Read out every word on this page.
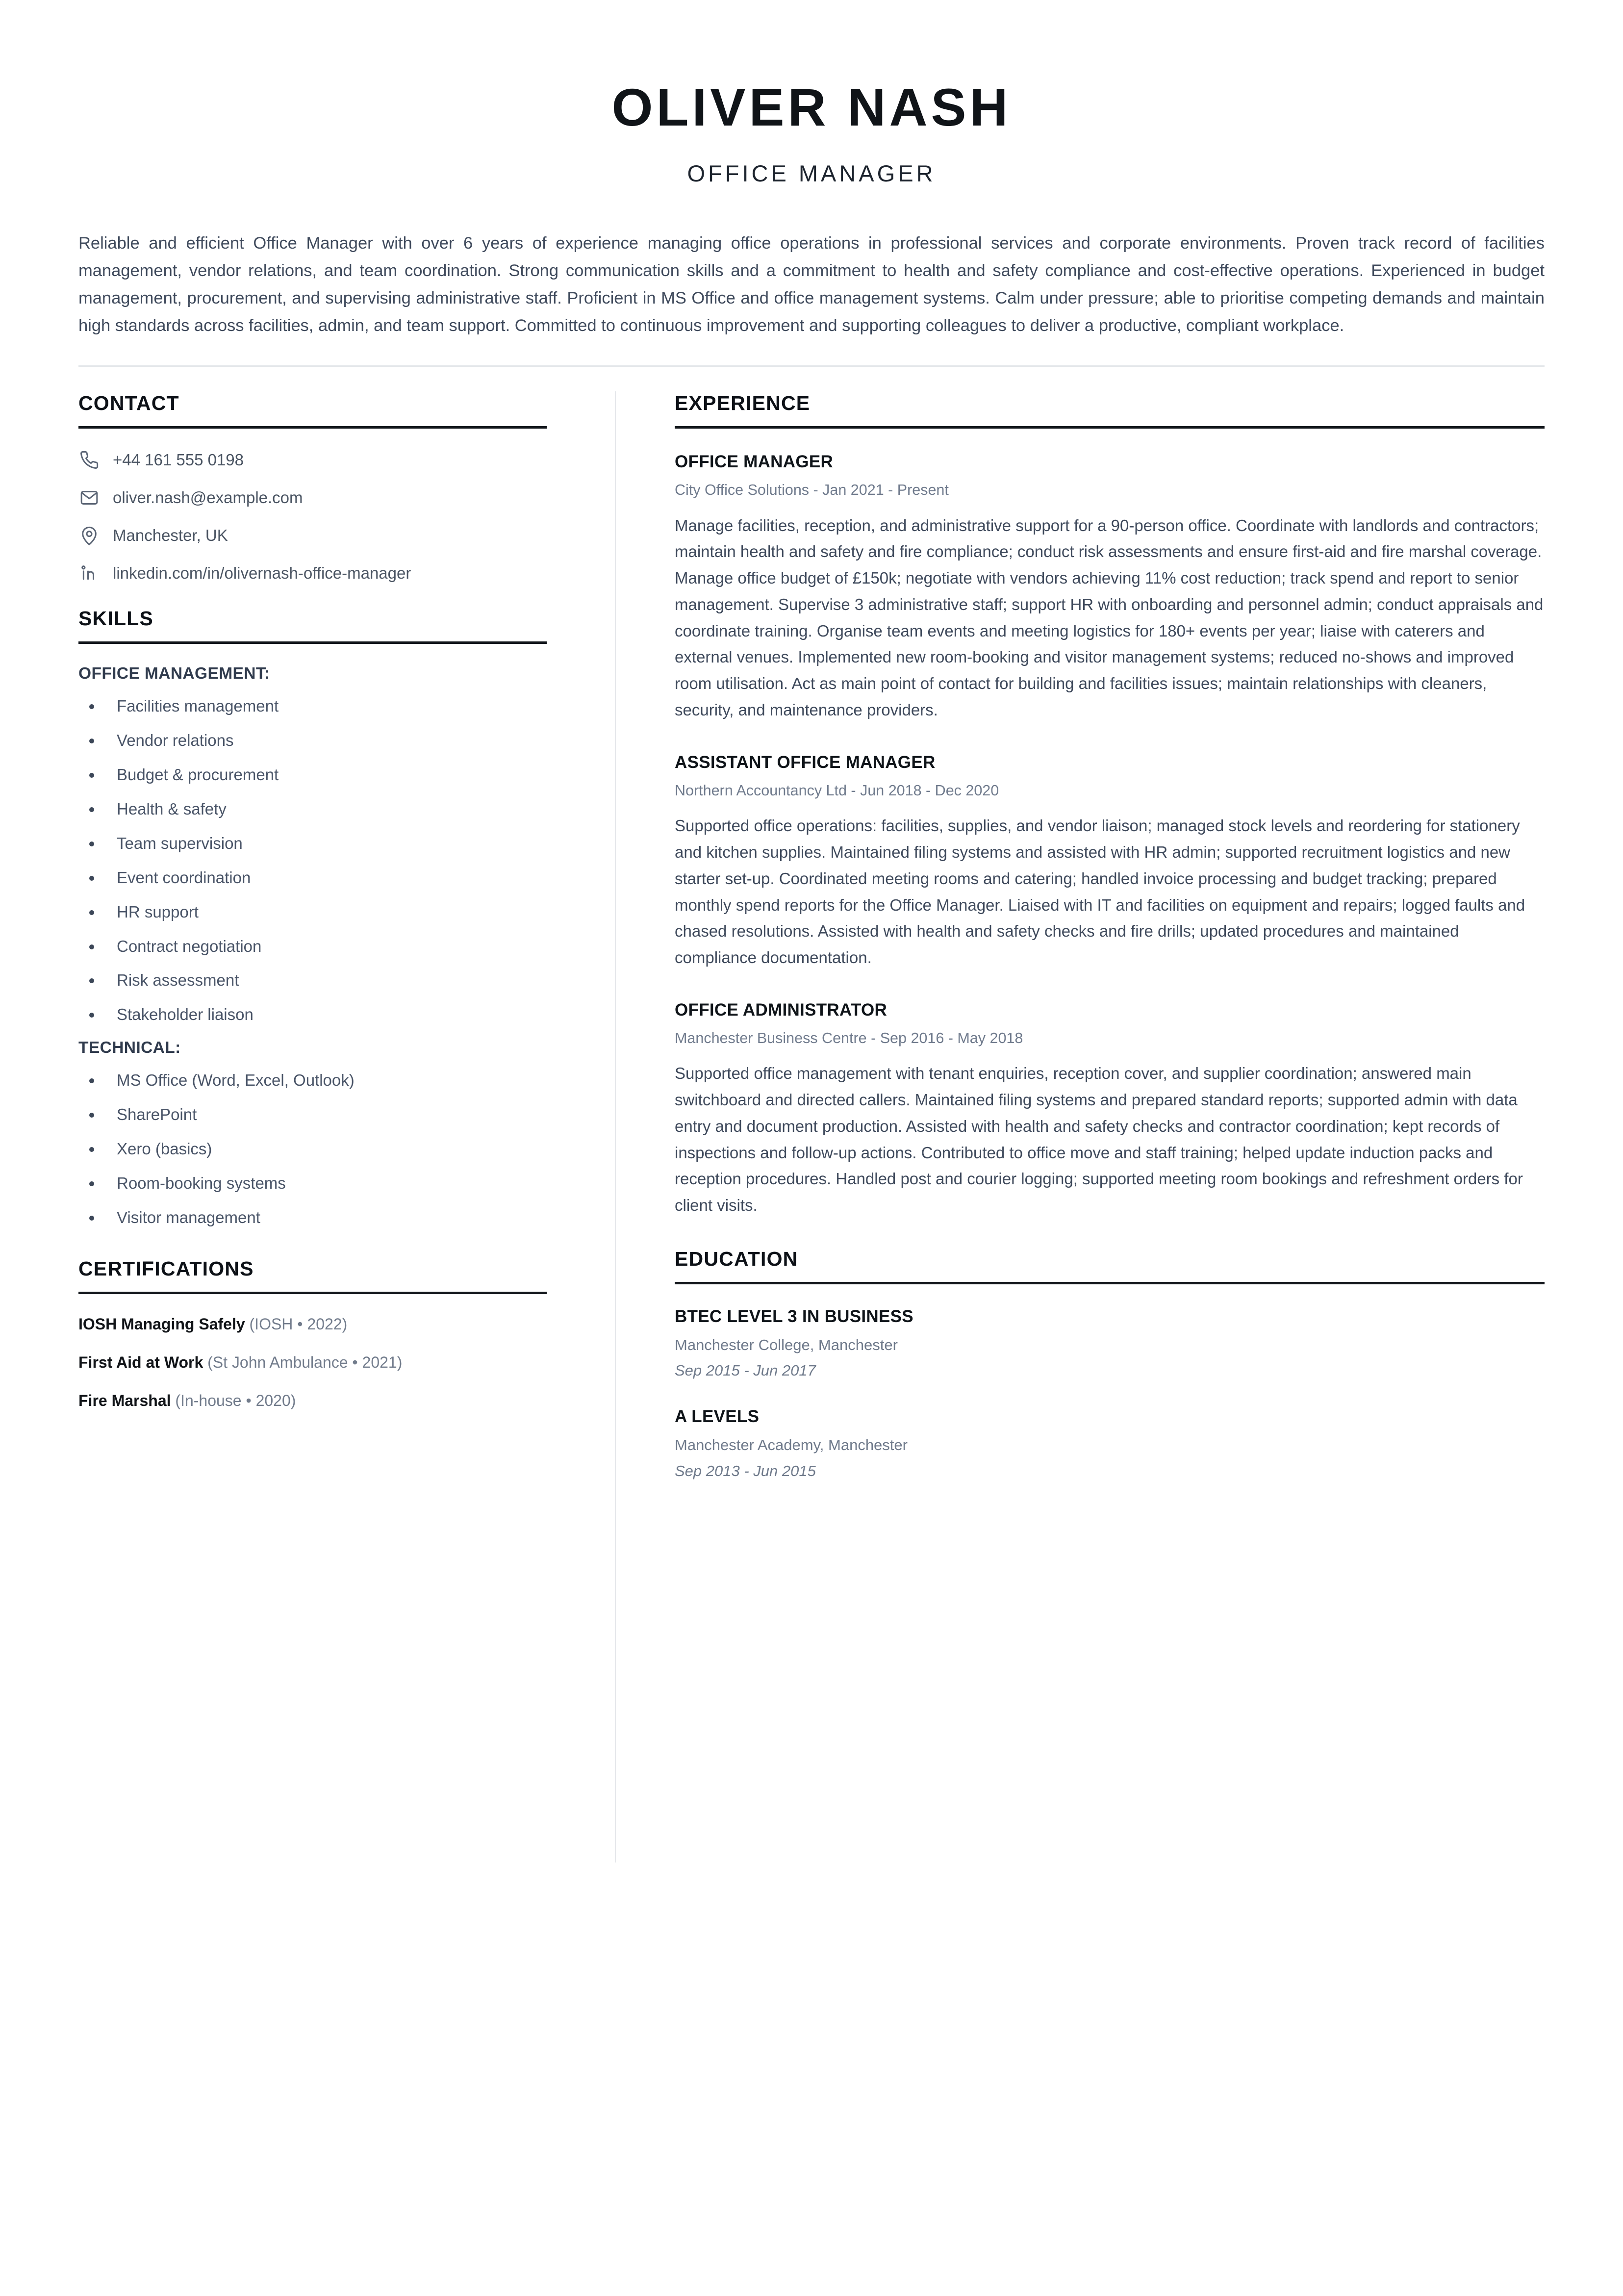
OLIVER NASH
OFFICE MANAGER
Reliable and efficient Office Manager with over 6 years of experience managing office operations in professional services and corporate environments. Proven track record of facilities management, vendor relations, and team coordination. Strong communication skills and a commitment to health and safety compliance and cost-effective operations. Experienced in budget management, procurement, and supervising administrative staff. Proficient in MS Office and office management systems. Calm under pressure; able to prioritise competing demands and maintain high standards across facilities, admin, and team support. Committed to continuous improvement and supporting colleagues to deliver a productive, compliant workplace.
CONTACT
+44 161 555 0198
oliver.nash@example.com
Manchester, UK
linkedin.com/in/olivernash-office-manager
SKILLS
OFFICE MANAGEMENT:
Facilities management
Vendor relations
Budget & procurement
Health & safety
Team supervision
Event coordination
HR support
Contract negotiation
Risk assessment
Stakeholder liaison
TECHNICAL:
MS Office (Word, Excel, Outlook)
SharePoint
Xero (basics)
Room-booking systems
Visitor management
CERTIFICATIONS
IOSH Managing Safely (IOSH • 2022)
First Aid at Work (St John Ambulance • 2021)
Fire Marshal (In-house • 2020)
EXPERIENCE
OFFICE MANAGER
City Office Solutions - Jan 2021 - Present
Manage facilities, reception, and administrative support for a 90-person office. Coordinate with landlords and contractors; maintain health and safety and fire compliance; conduct risk assessments and ensure first-aid and fire marshal coverage. Manage office budget of £150k; negotiate with vendors achieving 11% cost reduction; track spend and report to senior management. Supervise 3 administrative staff; support HR with onboarding and personnel admin; conduct appraisals and coordinate training. Organise team events and meeting logistics for 180+ events per year; liaise with caterers and external venues. Implemented new room-booking and visitor management systems; reduced no-shows and improved room utilisation. Act as main point of contact for building and facilities issues; maintain relationships with cleaners, security, and maintenance providers.
ASSISTANT OFFICE MANAGER
Northern Accountancy Ltd - Jun 2018 - Dec 2020
Supported office operations: facilities, supplies, and vendor liaison; managed stock levels and reordering for stationery and kitchen supplies. Maintained filing systems and assisted with HR admin; supported recruitment logistics and new starter set-up. Coordinated meeting rooms and catering; handled invoice processing and budget tracking; prepared monthly spend reports for the Office Manager. Liaised with IT and facilities on equipment and repairs; logged faults and chased resolutions. Assisted with health and safety checks and fire drills; updated procedures and maintained compliance documentation.
OFFICE ADMINISTRATOR
Manchester Business Centre - Sep 2016 - May 2018
Supported office management with tenant enquiries, reception cover, and supplier coordination; answered main switchboard and directed callers. Maintained filing systems and prepared standard reports; supported admin with data entry and document production. Assisted with health and safety checks and contractor coordination; kept records of inspections and follow-up actions. Contributed to office move and staff training; helped update induction packs and reception procedures. Handled post and courier logging; supported meeting room bookings and refreshment orders for client visits.
EDUCATION
BTEC LEVEL 3 IN BUSINESS
Manchester College, Manchester
Sep 2015 - Jun 2017
A LEVELS
Manchester Academy, Manchester
Sep 2013 - Jun 2015
